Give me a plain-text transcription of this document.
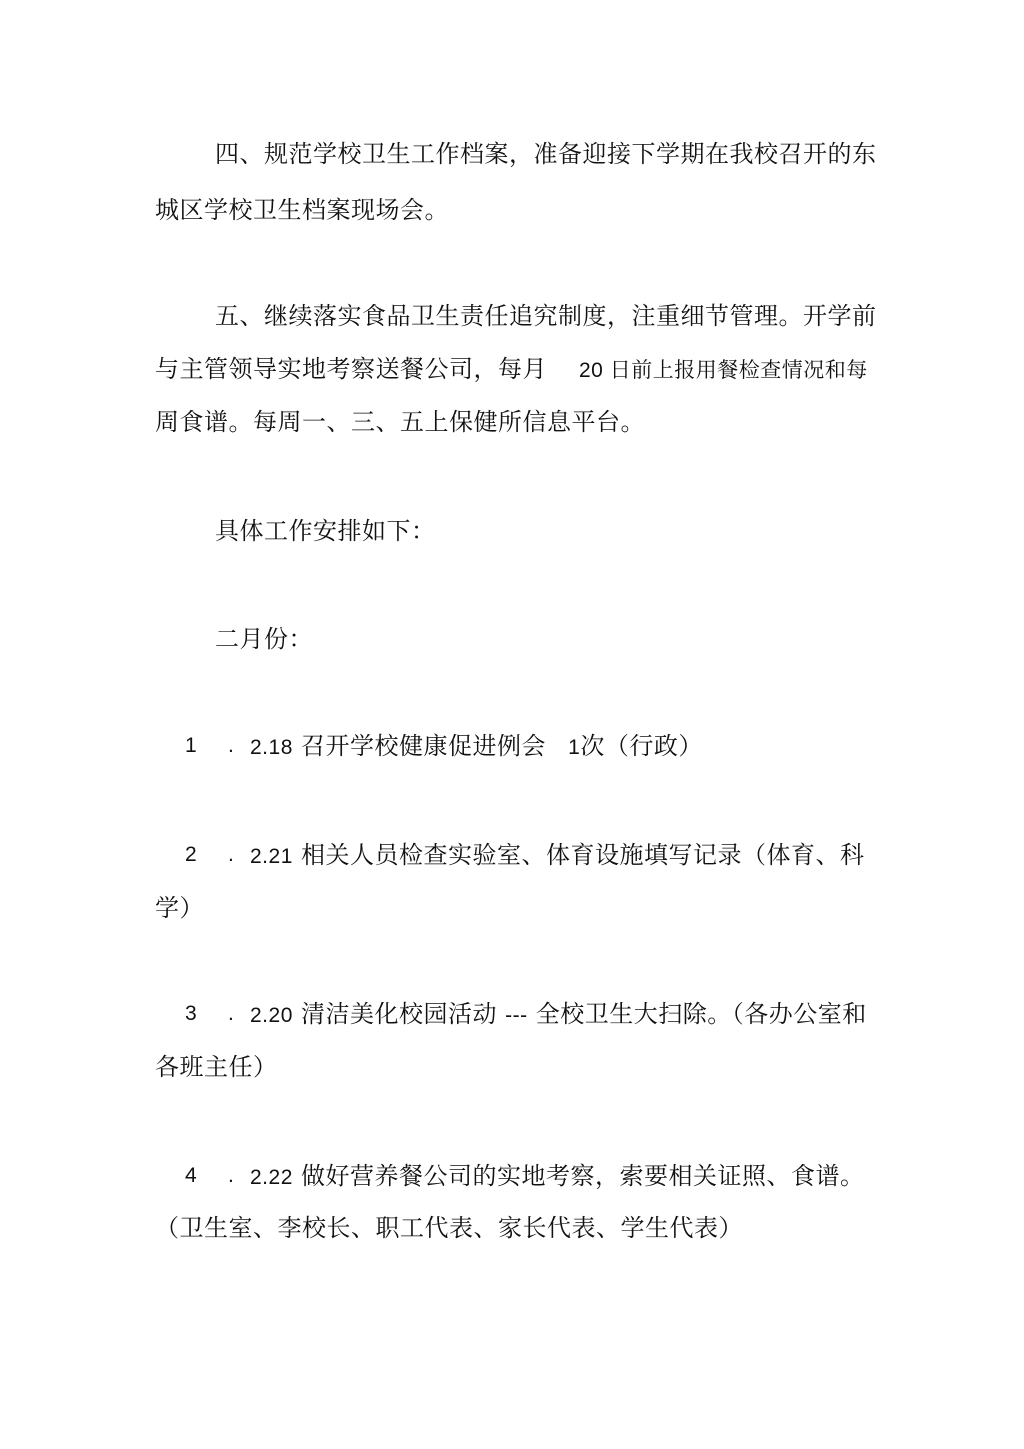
四、规范学校卫生工作档案，准备迎接下学期在我校召开的东
城区学校卫生档案现场会。
五、继续落实食品卫生责任追究制度，注重细节管理。开学前
与主管领导实地考察送餐公司，每月 20 日前上报用餐检查情况和每
周食谱。每周一、三、五上保健所信息平台。
具体工作安排如下：
二月份：
1 . 2.18 召开学校健康促进例会 1次（行政）
2 . 2.21 相关人员检查实验室、体育设施填写记录（体育、科
学）
3 . 2.20 清洁美化校园活动 --- 全校卫生大扫除。（各办公室和
各班主任）
4 . 2.22 做好营养餐公司的实地考察，索要相关证照、食谱。
（卫生室、李校长、职工代表、家长代表、学生代表）
